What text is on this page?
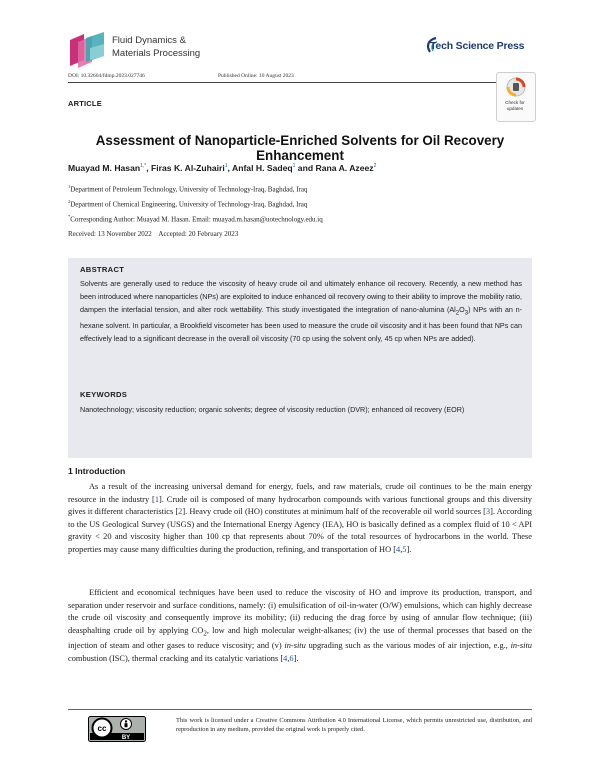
Fluid Dynamics &
Materials Processing
Tech Science Press
DOI: 10.32604/fdmp.2023.027746	Published Online: 10 August 2023
ARTICLE	Check for updates
Assessment of Nanoparticle-Enriched Solvents for Oil Recovery Enhancement
Muayad M. Hasan$^{1,*}$, Firas K. Al-Zuhairi$^1$, Anfal H. Sadeq$^1$ and Rana A. Azeez$^2$
$^1$Department of Petroleum Technology, University of Technology-Iraq, Baghdad, Iraq
$^2$Department of Chemical Engineering, University of Technology-Iraq, Baghdad, Iraq
*Corresponding Author: Muayad M. Hasan. Email: muayad.m.hasan@uotechnology.edu.iq
Received: 13 November 2022    Accepted: 20 February 2023
ABSTRACT
Solvents are generally used to reduce the viscosity of heavy crude oil and ultimately enhance oil recovery. Recently, a new method has been introduced where nanoparticles (NPs) are exploited to induce enhanced oil recovery owing to their ability to improve the mobility ratio, dampen the interfacial tension, and alter rock wettability. This study investigated the integration of nano-alumina $(Al_2O_3)$ NPs with an n-hexane solvent. In particular, a Brookfield viscometer has been used to measure the crude oil viscosity and it has been found that NPs can effectively lead to a significant decrease in the overall oil viscosity (70 cp using the solvent only, 45 cp when NPs are added).
KEYWORDS
Nanotechnology; viscosity reduction; organic solvents; degree of viscosity reduction (DVR); enhanced oil recovery (EOR)
1 Introduction
As a result of the increasing universal demand for energy, fuels, and raw materials, crude oil continues to be the main energy resource in the industry [1]. Crude oil is composed of many hydrocarbon compounds with various functional groups and this diversity gives it different characteristics [2]. Heavy crude oil (HO) constitutes at minimum half of the recoverable oil world sources [3]. According to the US Geological Survey (USGS) and the International Energy Agency (IEA), HO is basically defined as a complex fluid of 10 < API gravity < 20 and viscosity higher than 100 cp that represents about 70% of the total resources of hydrocarbons in the world. These properties may cause many difficulties during the production, refining, and transportation of HO [4,5].
Efficient and economical techniques have been used to reduce the viscosity of HO and improve its production, transport, and separation under reservoir and surface conditions, namely: (i) emulsification of oil-in-water (O/W) emulsions, which can highly decrease the crude oil viscosity and consequently improve its mobility; (ii) reducing the drag force by using of annular flow technique; (iii) deasphalting crude oil by applying $CO_2$, low and high molecular weight-alkanes; (iv) the use of thermal processes that based on the injection of steam and other gases to reduce viscosity; and (v) in-situ upgrading such as the various modes of air injection, e.g., in-situ combustion (ISC), thermal cracking and its catalytic variations [4,6].
cc
BY
This work is licensed under a Creative Commons Attribution 4.0 International License, which permits unrestricted use, distribution, and reproduction in any medium, provided the original work is properly cited.
